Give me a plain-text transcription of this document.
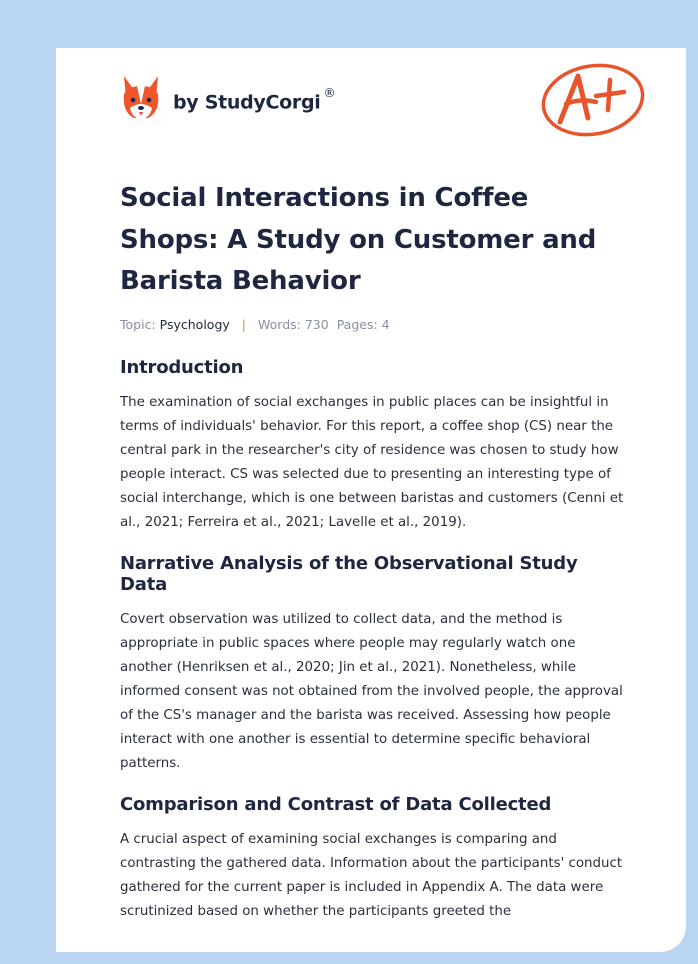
by StudyCorgi ®
Social Interactions in Coffee Shops: A Study on Customer and Barista Behavior
Topic: Psychology | Words: 730 Pages: 4
Introduction

The examination of social exchanges in public places can be insightful in terms of individuals' behavior. For this report, a coffee shop (CS) near the central park in the researcher's city of residence was chosen to study how people interact. CS was selected due to presenting an interesting type of social interchange, which is one between baristas and customers (Cenni et al., 2021; Ferreira et al., 2021; Lavelle et al., 2019).

Narrative Analysis of the Observational Study Data

Covert observation was utilized to collect data, and the method is appropriate in public spaces where people may regularly watch one another (Henriksen et al., 2020; Jin et al., 2021). Nonetheless, while informed consent was not obtained from the involved people, the approval of the CS's manager and the barista was received. Assessing how people interact with one another is essential to determine specific behavioral patterns.

Comparison and Contrast of Data Collected

A crucial aspect of examining social exchanges is comparing and contrasting the gathered data. Information about the participants' conduct gathered for the current paper is included in Appendix A. The data were scrutinized based on whether the participants greeted the
